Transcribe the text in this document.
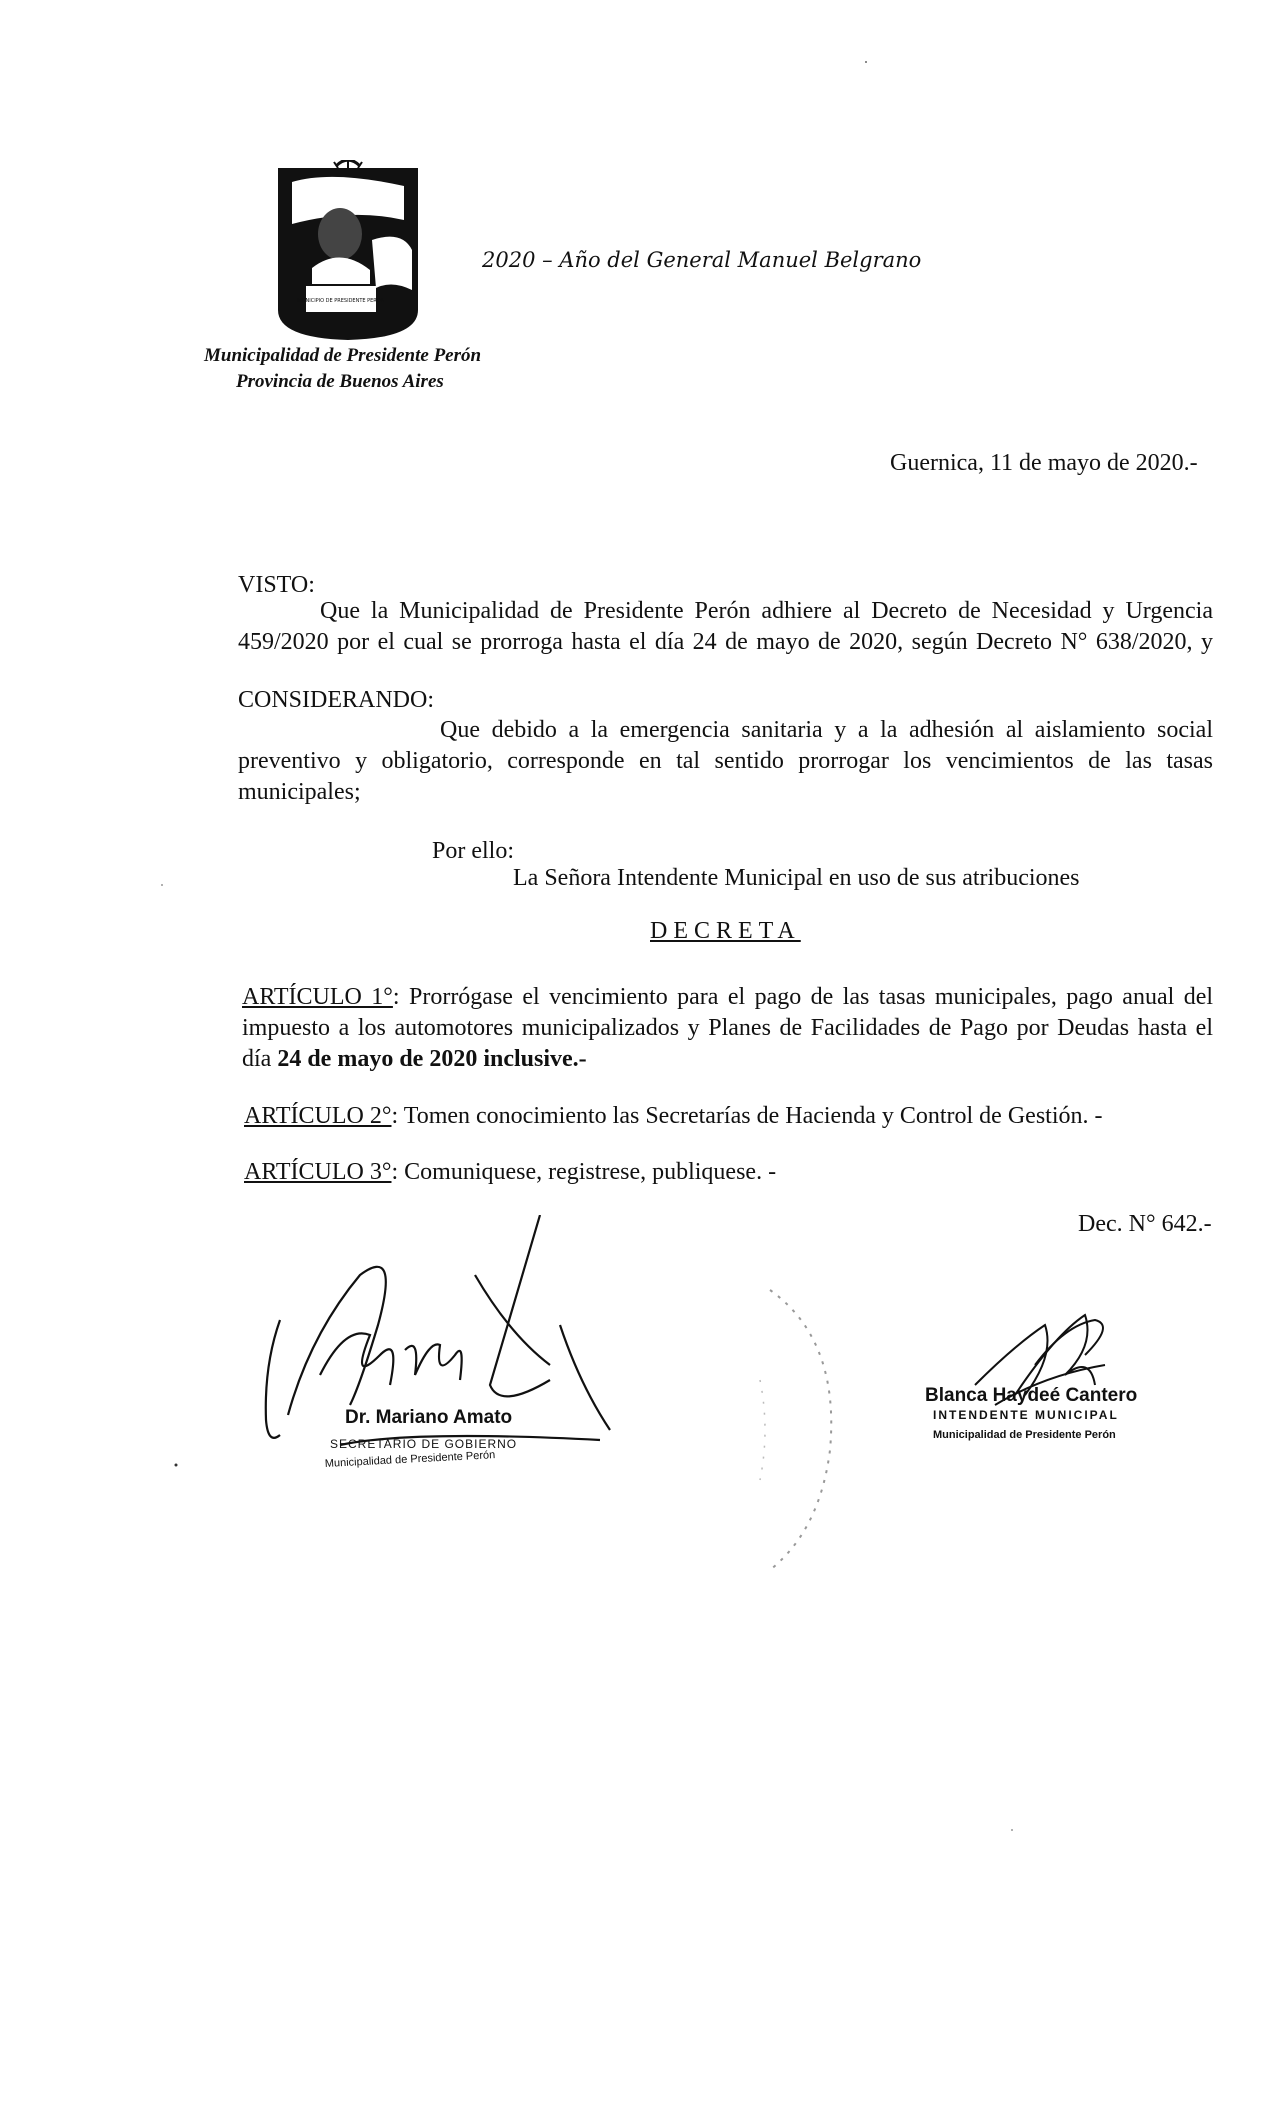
MUNICIPIO DE PRESIDENTE PERON
2020 – Año del General Manuel Belgrano
Municipalidad de Presidente Perón
Provincia de Buenos Aires
Guernica, 11 de mayo de 2020.-
VISTO:
Que la Municipalidad de Presidente Perón adhiere al Decreto de Necesidad y Urgencia
459/2020 por el cual se prorroga hasta el día 24 de mayo de 2020, según Decreto N° 638/2020, y
CONSIDERANDO:
Que debido a la emergencia sanitaria y a la adhesión al aislamiento social
preventivo y obligatorio, corresponde en tal sentido prorrogar los vencimientos de las tasas
municipales;
Por ello:
La Señora Intendente Municipal en uso de sus atribuciones
DECRETA
ARTÍCULO 1°: Prorrógase el vencimiento para el pago de las tasas municipales, pago anual del
impuesto a los automotores municipalizados y Planes de Facilidades de Pago por Deudas hasta el
día 24 de mayo de 2020 inclusive.-
ARTÍCULO 2°: Tomen conocimiento las Secretarías de Hacienda y Control de Gestión. -
ARTÍCULO 3°: Comuniquese, registrese, publiquese. -
Dec. N° 642.-
Dr. Mariano Amato
SECRETARIO DE GOBIERNO
Municipalidad de Presidente Perón
Blanca Haydeé Cantero
INTENDENTE MUNICIPAL
Municipalidad de Presidente Perón
